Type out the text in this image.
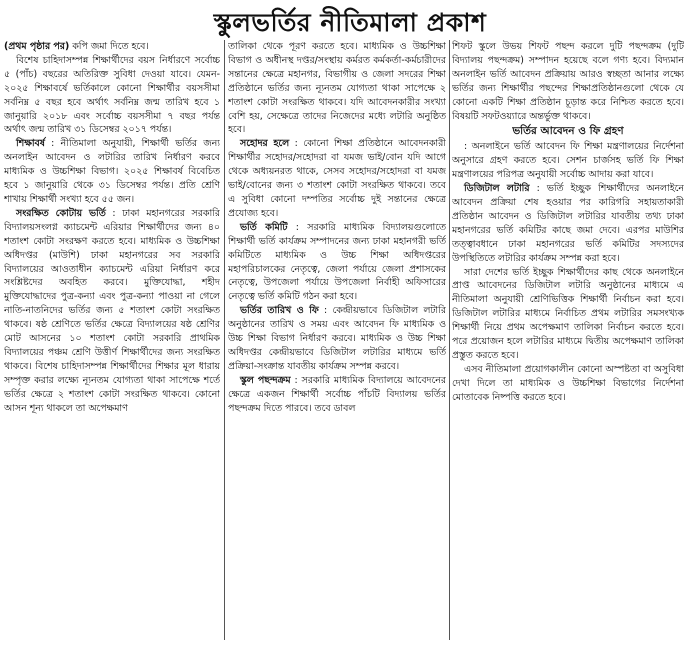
স্কুলভর্তির নীতিমালা প্রকাশ

(প্রথম পৃষ্ঠার পর) কপি জমা দিতে হবে।

বিশেষ চাহিদাসম্পন্ন শিক্ষার্থীদের বয়স নির্ধারণে সর্বোচ্চ ৫ (পাঁচ) বছরের অতিরিক্ত সুবিধা দেওয়া যাবে। যেমন- ২০২৫ শিক্ষাবর্ষে ভর্তিকালে কোনো শিক্ষার্থীর বয়সসীমা সর্বনিম্ন ৫ বছর হবে অর্থাৎ সর্বনিম্ন জন্ম তারিখ হবে ১ জানুয়ারি ২০১৮ এবং সর্বোচ্চ বয়সসীমা ৭ বছর পর্যন্ত অর্থাৎ জন্ম তারিখ ৩১ ডিসেম্বর ২০১৭ পর্যন্ত।

শিক্ষাবর্ষ : নীতিমালা অনুযায়ী, শিক্ষার্থী ভর্তির জন্য অনলাইন আবেদন ও লটারির তারিখ নির্ধারণ করবে মাধ্যমিক ও উচ্চশিক্ষা বিভাগ। ২০২৫ শিক্ষাবর্ষ বিবেচিত হবে ১ জানুয়ারি থেকে ৩১ ডিসেম্বর পর্যন্ত। প্রতি শ্রেণি শাখায় শিক্ষার্থী সংখ্যা হবে ৫৫ জন।

সংরক্ষিত কোটায় ভর্তি : ঢাকা মহানগরের সরকারি বিদ্যালয়সংলগ্ন ক্যাচমেন্ট এরিয়ার শিক্ষার্থীদের জন্য ৪০ শতাংশ কোটা সংরক্ষণ করতে হবে। মাধ্যমিক ও উচ্চশিক্ষা অধিদপ্তর (মাউশি) ঢাকা মহানগরের সব সরকারি বিদ্যালয়ের আওতাধীন ক্যাচমেন্ট এরিয়া নির্ধারণ করে সংশ্লিষ্টদের অবহিত করবে। মুক্তিযোদ্ধা, শহীদ মুক্তিযোদ্ধাদের পুত্র-কন্যা এবং পুত্র-কন্যা পাওয়া না গেলে নাতি-নাতনিদের ভর্তির জন্য ৫ শতাংশ কোটা সংরক্ষিত থাকবে। ষষ্ঠ শ্রেণিতে ভর্তির ক্ষেত্রে বিদ্যালয়ের ষষ্ঠ শ্রেণির মোট আসনের ১০ শতাংশ কোটা সরকারি প্রাথমিক বিদ্যালয়ের পঞ্চম শ্রেণি উত্তীর্ণ শিক্ষার্থীদের জন্য সংরক্ষিত থাকবে। বিশেষ চাহিদাসম্পন্ন শিক্ষার্থীদের শিক্ষার মূল ধারায় সম্পৃক্ত করার লক্ষ্যে ন্যূনতম যোগ্যতা থাকা সাপেক্ষে শর্তে ভর্তির ক্ষেত্রে ২ শতাংশ কোটা সংরক্ষিত থাকবে। কোনো আসন শূন্য থাকলে তা অপেক্ষমাণ

তালিকা থেকে পূরণ করতে হবে। মাধ্যমিক ও উচ্চশিক্ষা বিভাগ ও অধীনস্থ দপ্তর/সংস্থায় কর্মরত কর্মকর্তা-কর্মচারীদের সন্তানের ক্ষেত্রে মহানগর, বিভাগীয় ও জেলা সদরের শিক্ষা প্রতিষ্ঠানে ভর্তির জন্য ন্যূনতম যোগ্যতা থাকা সাপেক্ষে ২ শতাংশ কোটা সংরক্ষিত থাকবে। যদি আবেদনকারীর সংখ্যা বেশি হয়, সেক্ষেত্রে তাদের নিজেদের মধ্যে লটারি অনুষ্ঠিত হবে।

সহোদর হলে : কোনো শিক্ষা প্রতিষ্ঠানে আবেদনকারী শিক্ষার্থীর সহোদর/সহোদরা বা যমজ ভাই/বোন যদি আগে থেকে অধ্যয়নরত থাকে, সেসব সহোদর/সহোদরা বা যমজ ভাই/বোনের জন্য ৩ শতাংশ কোটা সংরক্ষিত থাকবে। তবে এ সুবিধা কোনো দম্পতির সর্বোচ্চ দুই সন্তানের ক্ষেত্রে প্রযোজ্য হবে।

ভর্তি কমিটি : সরকারি মাধ্যমিক বিদ্যালয়গুলোতে শিক্ষার্থী ভর্তি কার্যক্রম সম্পাদনের জন্য ঢাকা মহানগরী ভর্তি কমিটিতে মাধ্যমিক ও উচ্চ শিক্ষা অধিদপ্তরের মহাপরিচালকের নেতৃত্বে, জেলা পর্যায়ে জেলা প্রশাসকের নেতৃত্বে, উপজেলা পর্যায়ে উপজেলা নির্বাহী অফিসারের নেতৃত্বে ভর্তি কমিটি গঠন করা হবে।

ভর্তির তারিখ ও ফি : কেন্দ্রীয়ভাবে ডিজিটাল লটারি অনুষ্ঠানের তারিখ ও সময় এবং আবেদন ফি মাধ্যমিক ও উচ্চ শিক্ষা বিভাগ নির্ধারণ করবে। মাধ্যমিক ও উচ্চ শিক্ষা অধিদপ্তর কেন্দ্রীয়ভাবে ডিজিটাল লটারির মাধ্যমে ভর্তি প্রক্রিয়া-সংক্রান্ত যাবতীয় কার্যক্রম সম্পন্ন করবে।

স্কুল পছন্দক্রম : সরকারি মাধ্যমিক বিদ্যালয়ে আবেদনের ক্ষেত্রে একজন শিক্ষার্থী সর্বোচ্চ পাঁচটি বিদ্যালয় ভর্তির পছন্দক্রম দিতে পারবে। তবে ডাবল

শিফট স্কুলে উভয় শিফট পছন্দ করলে দুটি পছন্দক্রম (দুটি বিদ্যালয় পছন্দক্রম) সম্পাদন হয়েছে বলে গণ্য হবে। বিদ্যমান অনলাইন ভর্তি আবেদন প্রক্রিয়ায় আরও স্বচ্ছতা আনার লক্ষ্যে ভর্তির জন্য শিক্ষার্থীর পছন্দের শিক্ষাপ্রতিষ্ঠানগুলো থেকে যে কোনো একটি শিক্ষা প্রতিষ্ঠান চূড়ান্ত করে নিশ্চিত করতে হবে। বিষয়টি সফটওয়্যারে অন্তর্ভুক্ত থাকবে।

ভর্তির আবেদন ও ফি গ্রহণ

: অনলাইনে ভর্তি আবেদন ফি শিক্ষা মন্ত্রণালয়ের নির্দেশনা অনুসারে গ্রহণ করতে হবে। সেশন চার্জসহ ভর্তি ফি শিক্ষা মন্ত্রণালয়ের পরিপত্র অনুযায়ী সর্বোচ্চ আদায় করা যাবে।

ডিজিটাল লটারি : ভর্তি ইচ্ছুক শিক্ষার্থীদের অনলাইনে আবেদন প্রক্রিয়া শেষ হওয়ার পর কারিগরি সহায়তাকারী প্রতিষ্ঠান আবেদন ও ডিজিটাল লটারির যাবতীয় তথ্য ঢাকা মহানগরের ভর্তি কমিটির কাছে জমা দেবে। এরপর মাউশির তত্ত্বাবধানে ঢাকা মহানগরের ভর্তি কমিটির সদস্যদের উপস্থিতিতে লটারির কার্যক্রম সম্পন্ন করা হবে।

সারা দেশের ভর্তি ইচ্ছুক শিক্ষার্থীদের কাছ থেকে অনলাইনে প্রাপ্ত আবেদনের ডিজিটাল লটারি অনুষ্ঠানের মাধ্যমে এ নীতিমালা অনুযায়ী শ্রেণিভিত্তিক শিক্ষার্থী নির্বাচন করা হবে। ডিজিটাল লটারির মাধ্যমে নির্বাচিত প্রথম লটারির সমসংখ্যক শিক্ষার্থী নিয়ে প্রথম অপেক্ষমাণ তালিকা নির্বাচন করতে হবে। পরে প্রয়োজন হলে লটারির মাধ্যমে দ্বিতীয় অপেক্ষমাণ তালিকা প্রস্তুত করতে হবে।

এসব নীতিমালা প্রয়োগকালীন কোনো অস্পষ্টতা বা অসুবিধা দেখা দিলে তা মাধ্যমিক ও উচ্চশিক্ষা বিভাগের নির্দেশনা মোতাবেক নিষ্পত্তি করতে হবে।
